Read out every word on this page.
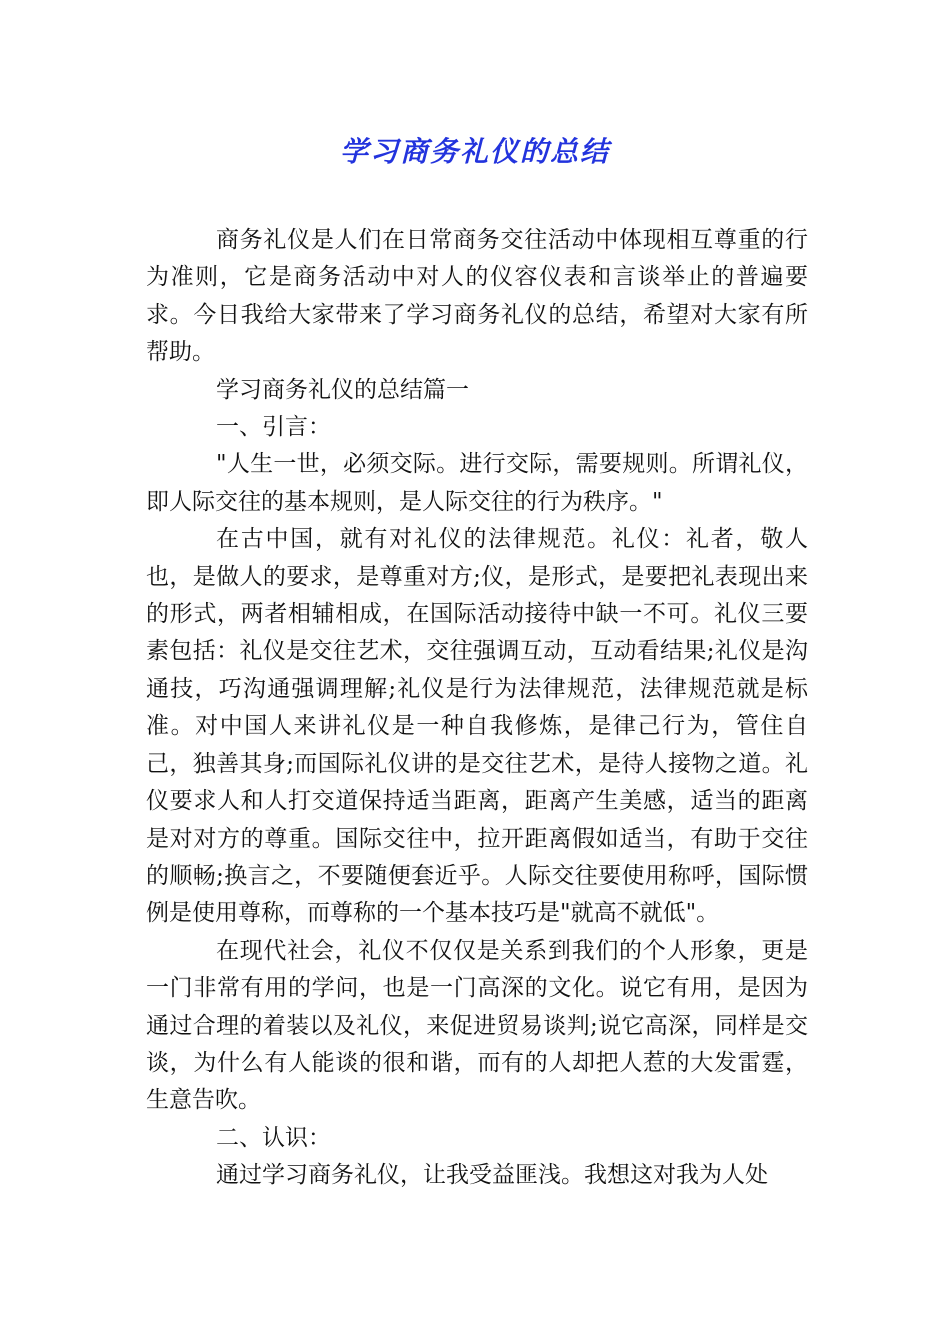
学习商务礼仪的总结

商务礼仪是人们在日常商务交往活动中体现相互尊重的行为准则，它是商务活动中对人的仪容仪表和言谈举止的普遍要求。今日我给大家带来了学习商务礼仪的总结，希望对大家有所帮助。

学习商务礼仪的总结篇一

一、引言：

"人生一世，必须交际。进行交际，需要规则。所谓礼仪，即人际交往的基本规则，是人际交往的行为秩序。"

在古中国，就有对礼仪的法律规范。礼仪：礼者，敬人也，是做人的要求，是尊重对方;仪，是形式，是要把礼表现出来的形式，两者相辅相成，在国际活动接待中缺一不可。礼仪三要素包括：礼仪是交往艺术，交往强调互动，互动看结果;礼仪是沟通技，巧沟通强调理解;礼仪是行为法律规范，法律规范就是标准。对中国人来讲礼仪是一种自我修炼，是律己行为，管住自己，独善其身;而国际礼仪讲的是交往艺术，是待人接物之道。礼仪要求人和人打交道保持适当距离，距离产生美感，适当的距离是对对方的尊重。国际交往中，拉开距离假如适当，有助于交往的顺畅;换言之，不要随便套近乎。人际交往要使用称呼，国际惯例是使用尊称，而尊称的一个基本技巧是"就高不就低"。

在现代社会，礼仪不仅仅是关系到我们的个人形象，更是一门非常有用的学问，也是一门高深的文化。说它有用，是因为通过合理的着装以及礼仪，来促进贸易谈判;说它高深，同样是交谈，为什么有人能谈的很和谐，而有的人却把人惹的大发雷霆，生意告吹。

二、认识：

通过学习商务礼仪，让我受益匪浅。我想这对我为人处
